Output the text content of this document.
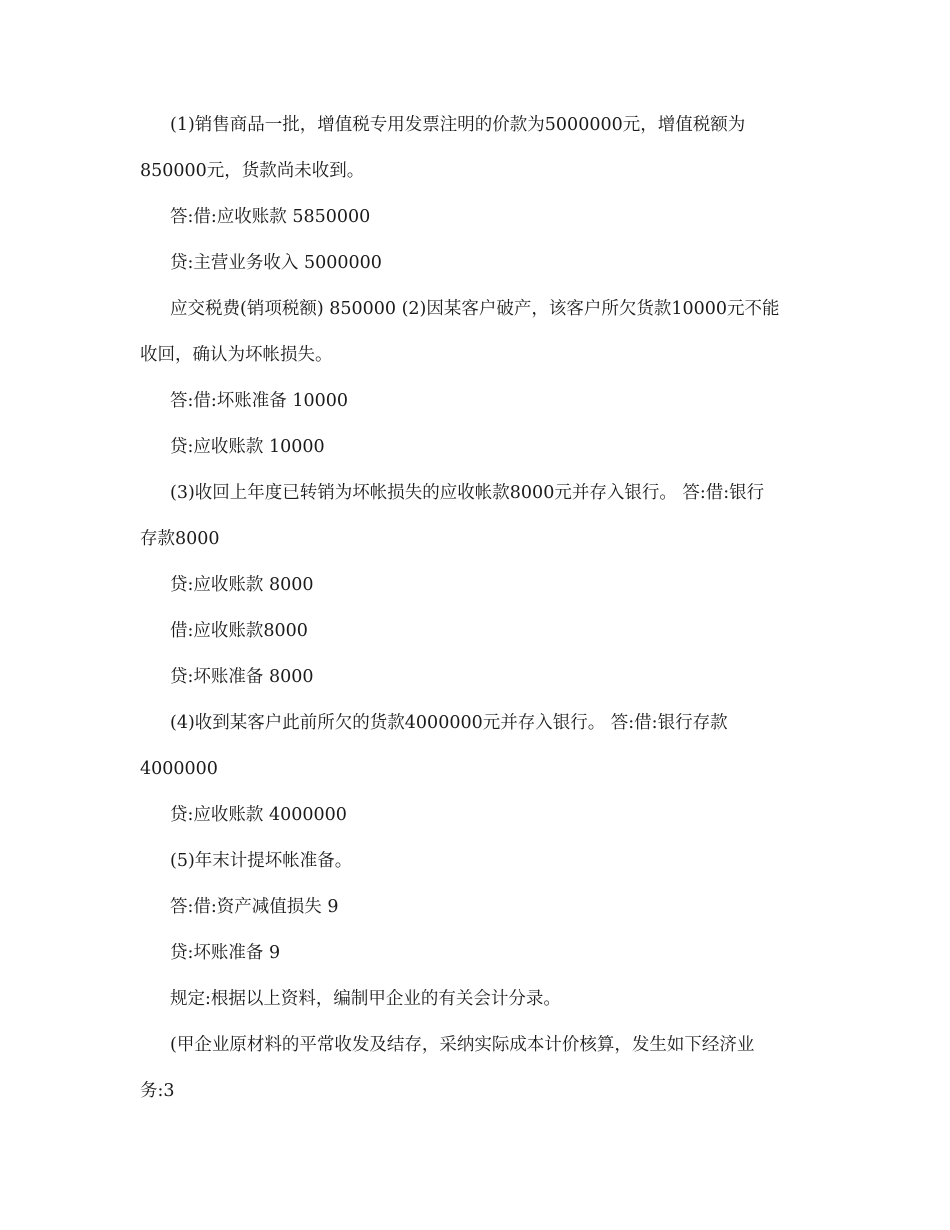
(1)销售商品一批，增值税专用发票注明的价款为5000000元，增值税额为
850000元，货款尚未收到。
答:借:应收账款 5850000
贷:主营业务收入 5000000
应交税费(销项税额) 850000 (2)因某客户破产，该客户所欠货款10000元不能
收回，确认为坏帐损失。
答:借:坏账准备 10000
贷:应收账款 10000
(3)收回上年度已转销为坏帐损失的应收帐款8000元并存入银行。 答:借:银行
存款8000
贷:应收账款 8000
借:应收账款8000
贷:坏账准备 8000
(4)收到某客户此前所欠的货款4000000元并存入银行。 答:借:银行存款
4000000
贷:应收账款 4000000
(5)年末计提坏帐准备。
答:借:资产减值损失 9
贷:坏账准备 9
规定:根据以上资料，编制甲企业的有关会计分录。
(甲企业原材料的平常收发及结存，采纳实际成本计价核算，发生如下经济业
务:3
